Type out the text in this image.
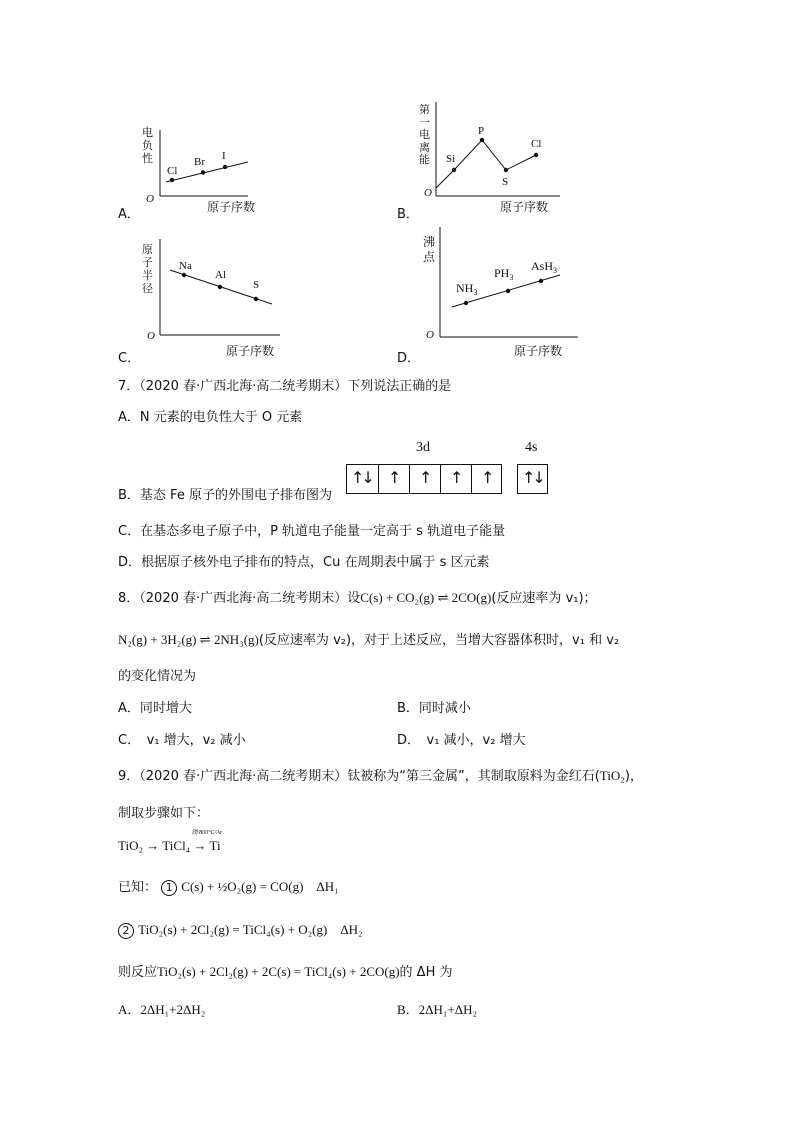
A．
Cl
Br I
O
电
负
性
原子序数	B．
第
一
电
离
能 Si
P
S
Cl
O
原子序数
C．
原
子
半
径
Na
Al
S
O
原子序数	D．
沸
点
$NH_3$
$PH_3$
AsH$_3$
O
原子序数
7．（2020 春·广西北海·高二统考期末）下列说法正确的是
A．N 元素的电负性大于 O 元素
3d	4s
B．基态 Fe 原子的外围电子排布图为
↑↓ ↑ ↑ ↑ ↑ ↑↓
C．在基态多电子原子中，P 轨道电子能量一定高于 s 轨道电子能量
D．根据原子核外电子排布的特点，Cu 在周期表中属于 s 区元素
8．（2020 春·广西北海·高二统考期末）设C(s) + CO₂(g) ⇌ 2CO(g)(反应速率为 v₁)；
N₂(g) + 3H₂(g) ⇌ 2NH₃(g)(反应速率为 v₂)，对于上述反应，当增大容器体积时，v₁ 和 v₂
的变化情况为
A．同时增大	B．同时减小
C．　v₁ 增大，v₂ 减小	D．　v₁ 减小，v₂ 增大
9．（2020 春·广西北海·高二统考期末）钛被称为“第三金属”，其制取原料为金红石(TiO₂)，
制取步骤如下：
TiO₂ → TiCl₄
镁/800°C/Ar
→ Ti
已知： 1 C(s) + ½O₂(g) = CO(g)　ΔH₁
2 TiO₂(s) + 2Cl₂(g) = TiCl₄(s) + O₂(g)　ΔH₂
则反应TiO₂(s) + 2Cl₂(g) + 2C(s) = TiCl₄(s) + 2CO(g)的 ΔH 为
A．2ΔH₁+2ΔH₂	B．2ΔH₁+ΔH₂
